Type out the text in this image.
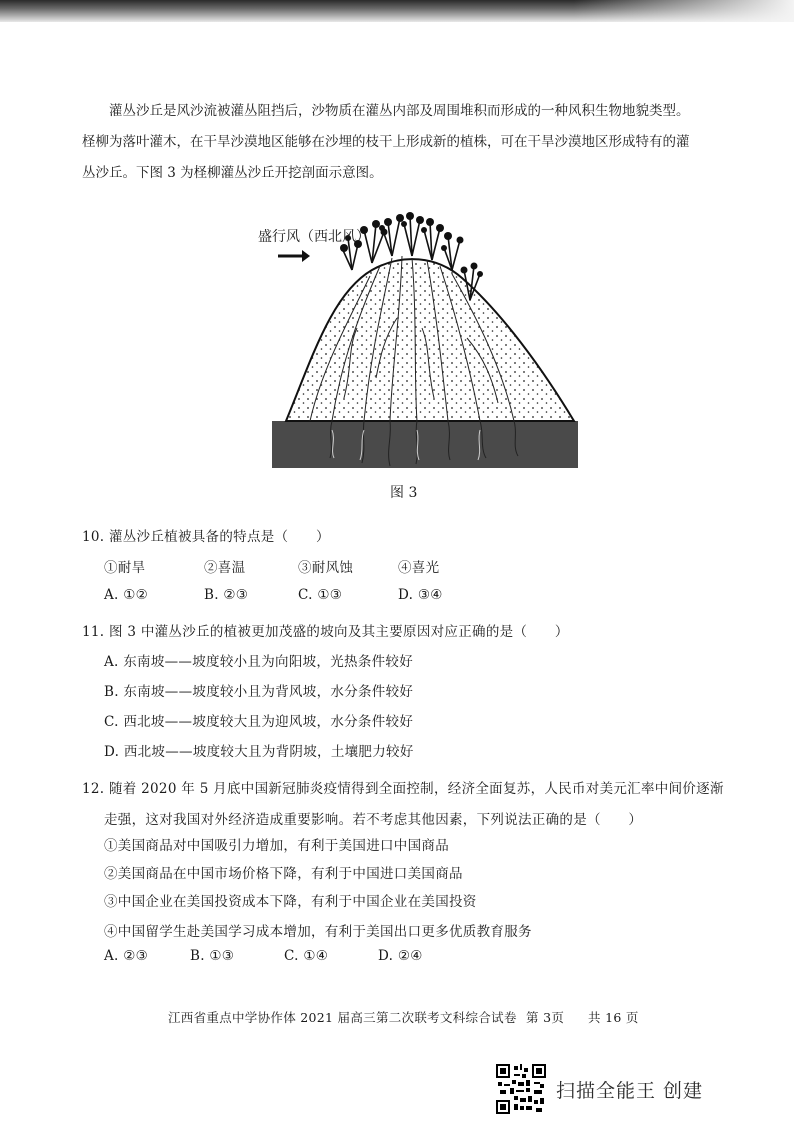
灌丛沙丘是风沙流被灌丛阻挡后，沙物质在灌丛内部及周围堆积而形成的一种风积生物地貌类型。

柽柳为落叶灌木，在干旱沙漠地区能够在沙埋的枝干上形成新的植株，可在干旱沙漠地区形成特有的灌

丛沙丘。下图 3 为柽柳灌丛沙丘开挖剖面示意图。

盛行风（西北风）
图 3
10. 灌丛沙丘植被具备的特点是（　　）
①耐旱	②喜温	③耐风蚀	④喜光
A. ①②	B. ②③	C. ①③	D. ③④
11. 图 3 中灌丛沙丘的植被更加茂盛的坡向及其主要原因对应正确的是（　　）
A. 东南坡——坡度较小且为向阳坡，光热条件较好
B. 东南坡——坡度较小且为背风坡，水分条件较好
C. 西北坡——坡度较大且为迎风坡，水分条件较好
D. 西北坡——坡度较大且为背阴坡，土壤肥力较好
12. 随着 2020 年 5 月底中国新冠肺炎疫情得到全面控制，经济全面复苏，人民币对美元汇率中间价逐渐
走强，这对我国对外经济造成重要影响。若不考虑其他因素，下列说法正确的是（　　）
①美国商品对中国吸引力增加，有利于美国进口中国商品
②美国商品在中国市场价格下降，有利于中国进口美国商品
③中国企业在美国投资成本下降，有利于中国企业在美国投资
④中国留学生赴美国学习成本增加，有利于美国出口更多优质教育服务
A. ②③	B. ①③	C. ①④	D. ②④
江西省重点中学协作体 2021 届高三第二次联考文科综合试卷 第 3页 共 16 页
扫描全能王 创建
